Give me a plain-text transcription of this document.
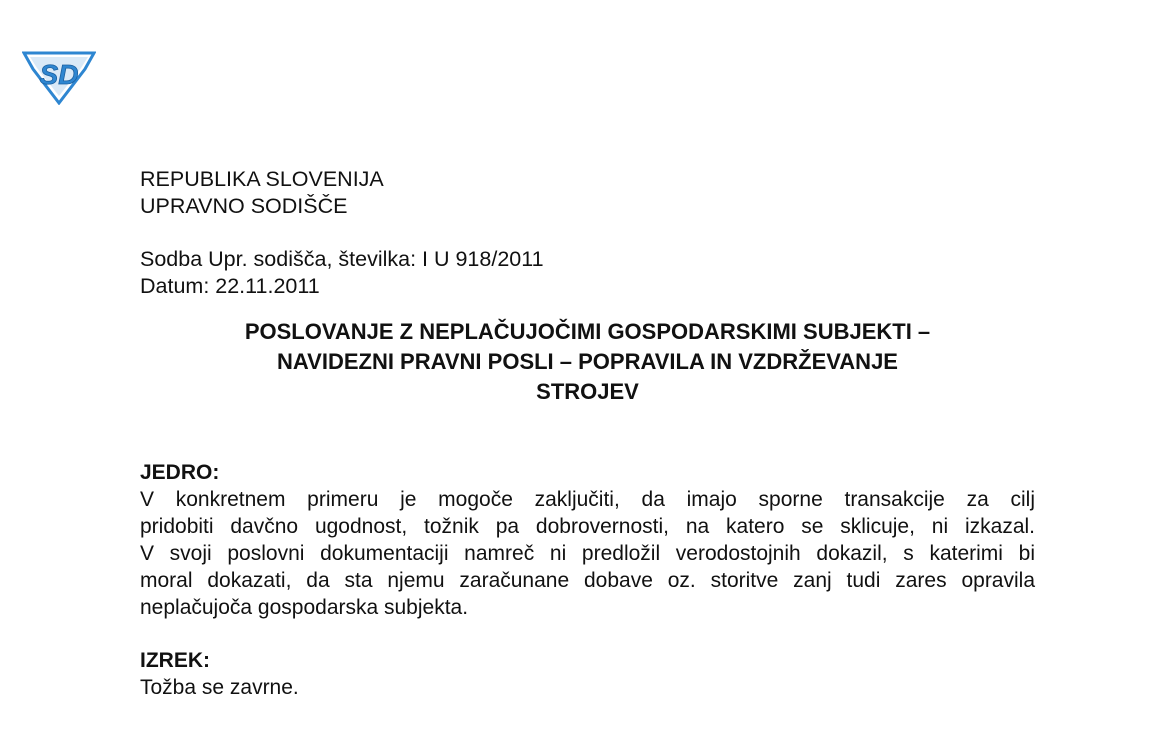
SD

REPUBLIKA SLOVENIJA

UPRAVNO SODIŠČE

Sodba Upr. sodišča, številka: I U 918/2011

Datum: 22.11.2011

POSLOVANJE Z NEPLAČUJOČIMI GOSPODARSKIMI SUBJEKTI –
NAVIDEZNI PRAVNI POSLI – POPRAVILA IN VZDRŽEVANJE
STROJEV

JEDRO:

V konkretnem primeru je mogoče zaključiti, da imajo sporne transakcije za cilj
pridobiti davčno ugodnost, tožnik pa dobrovernosti, na katero se sklicuje, ni izkazal.
V svoji poslovni dokumentaciji namreč ni predložil verodostojnih dokazil, s katerimi bi
moral dokazati, da sta njemu zaračunane dobave oz. storitve zanj tudi zares opravila
neplačujoča gospodarska subjekta.

IZREK:

Tožba se zavrne.
